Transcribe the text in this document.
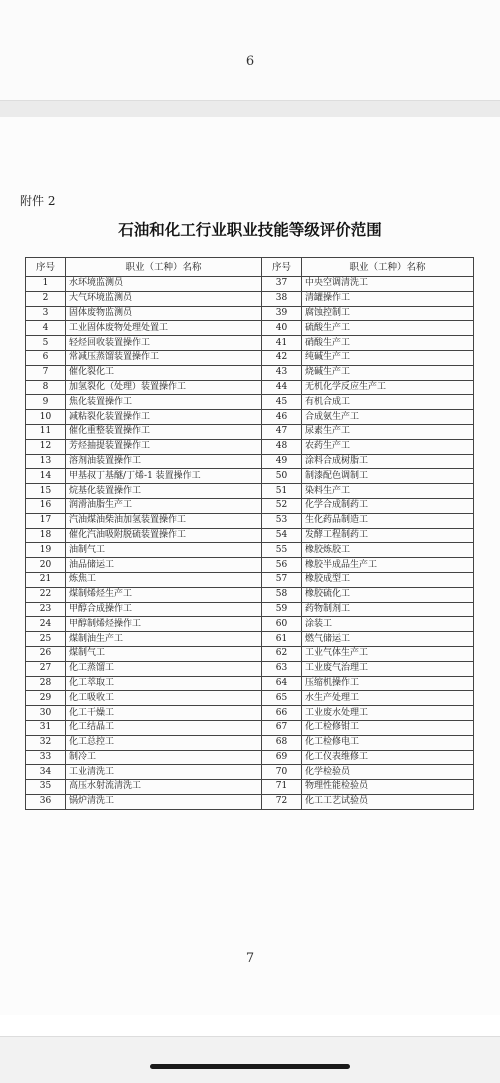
6
附件 2
石油和化工行业职业技能等级评价范围
序号	职业（工种）名称	序号	职业（工种）名称
1	水环境监测员	37	中央空调清洗工
2	大气环境监测员	38	清罐操作工
3	固体废物监测员	39	腐蚀控制工
4	工业固体废物处理处置工	40	硫酸生产工
5	轻烃回收装置操作工	41	硝酸生产工
6	常减压蒸馏装置操作工	42	纯碱生产工
7	催化裂化工	43	烧碱生产工
8	加氢裂化（处理）装置操作工	44	无机化学反应生产工
9	焦化装置操作工	45	有机合成工
10	减粘裂化装置操作工	46	合成氨生产工
11	催化重整装置操作工	47	尿素生产工
12	芳烃抽提装置操作工	48	农药生产工
13	溶剂油装置操作工	49	涂料合成树脂工
14	甲基叔丁基醚/丁烯-1 装置操作工	50	制漆配色调制工
15	烷基化装置操作工	51	染料生产工
16	润滑油脂生产工	52	化学合成制药工
17	汽油煤油柴油加氢装置操作工	53	生化药品制造工
18	催化汽油吸附脱硫装置操作工	54	发酵工程制药工
19	油制气工	55	橡胶炼胶工
20	油品储运工	56	橡胶半成品生产工
21	炼焦工	57	橡胶成型工
22	煤制烯烃生产工	58	橡胶硫化工
23	甲醇合成操作工	59	药物制剂工
24	甲醇制烯烃操作工	60	涂装工
25	煤制油生产工	61	燃气储运工
26	煤制气工	62	工业气体生产工
27	化工蒸馏工	63	工业废气治理工
28	化工萃取工	64	压缩机操作工
29	化工吸收工	65	水生产处理工
30	化工干燥工	66	工业废水处理工
31	化工结晶工	67	化工检修钳工
32	化工总控工	68	化工检修电工
33	制冷工	69	化工仪表维修工
34	工业清洗工	70	化学检验员
35	高压水射流清洗工	71	物理性能检验员
36	锅炉清洗工	72	化工工艺试验员
7
